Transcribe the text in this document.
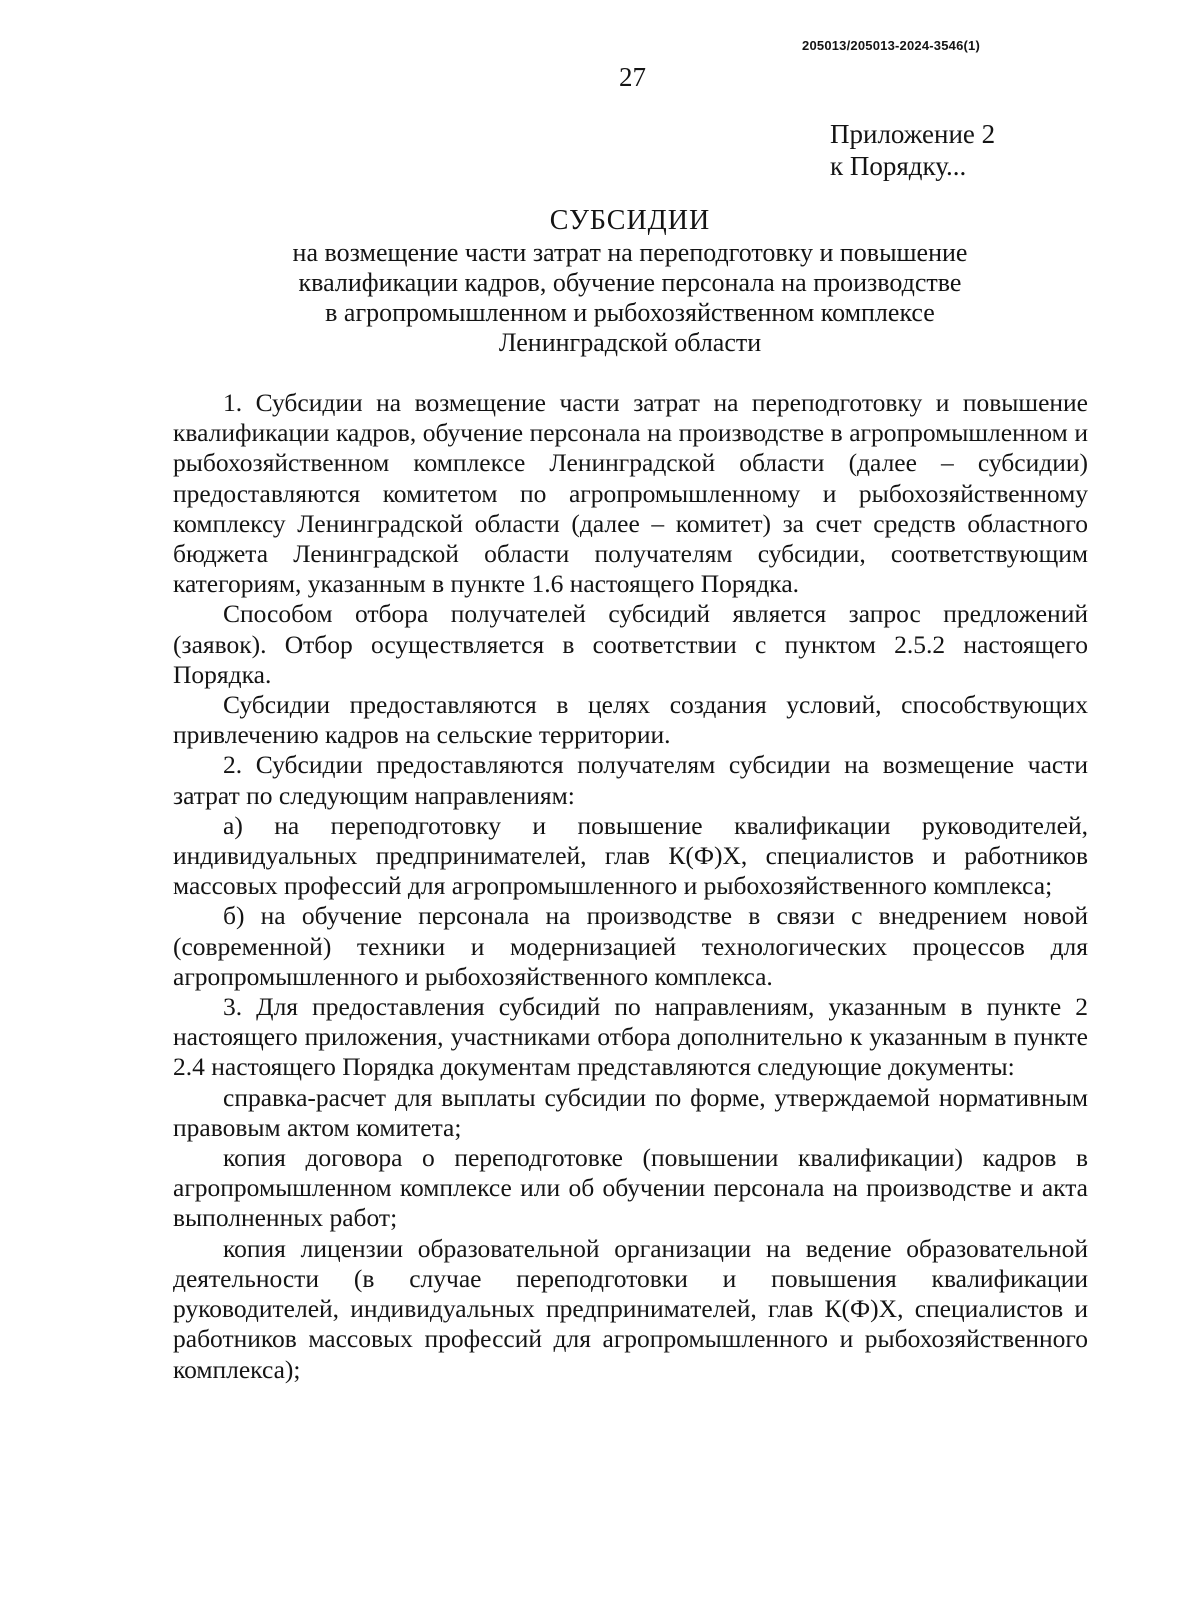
205013/205013-2024-3546(1)
27
Приложение 2
к Порядку...
СУБСИДИИ
на возмещение части затрат на переподготовку и повышение
квалификации кадров, обучение персонала на производстве
в агропромышленном и рыбохозяйственном комплексе
Ленинградской области

1. Субсидии на возмещение части затрат на переподготовку и повышение квалификации кадров, обучение персонала на производстве в агропромышленном и рыбохозяйственном комплексе Ленинградской области (далее – субсидии) предоставляются комитетом по агропромышленному и рыбохозяйственному комплексу Ленинградской области (далее – комитет) за счет средств областного бюджета Ленинградской области получателям субсидии, соответствующим категориям, указанным в пункте 1.6 настоящего Порядка.

Способом отбора получателей субсидий является запрос предложений (заявок). Отбор осуществляется в соответствии с пунктом 2.5.2 настоящего Порядка.

Субсидии предоставляются в целях создания условий, способствующих привлечению кадров на сельские территории.

2. Субсидии предоставляются получателям субсидии на возмещение части затрат по следующим направлениям:

а) на переподготовку и повышение квалификации руководителей, индивидуальных предпринимателей, глав К(Ф)Х, специалистов и работников массовых профессий для агропромышленного и рыбохозяйственного комплекса;

б) на обучение персонала на производстве в связи с внедрением новой (современной) техники и модернизацией технологических процессов для агропромышленного и рыбохозяйственного комплекса.

3. Для предоставления субсидий по направлениям, указанным в пункте 2 настоящего приложения, участниками отбора дополнительно к указанным в пункте 2.4 настоящего Порядка документам представляются следующие документы:

справка-расчет для выплаты субсидии по форме, утверждаемой нормативным правовым актом комитета;

копия договора о переподготовке (повышении квалификации) кадров в агропромышленном комплексе или об обучении персонала на производстве и акта выполненных работ;

копия лицензии образовательной организации на ведение образовательной деятельности (в случае переподготовки и повышения квалификации руководителей, индивидуальных предпринимателей, глав К(Ф)Х, специалистов и работников массовых профессий для агропромышленного и рыбохозяйственного комплекса);
